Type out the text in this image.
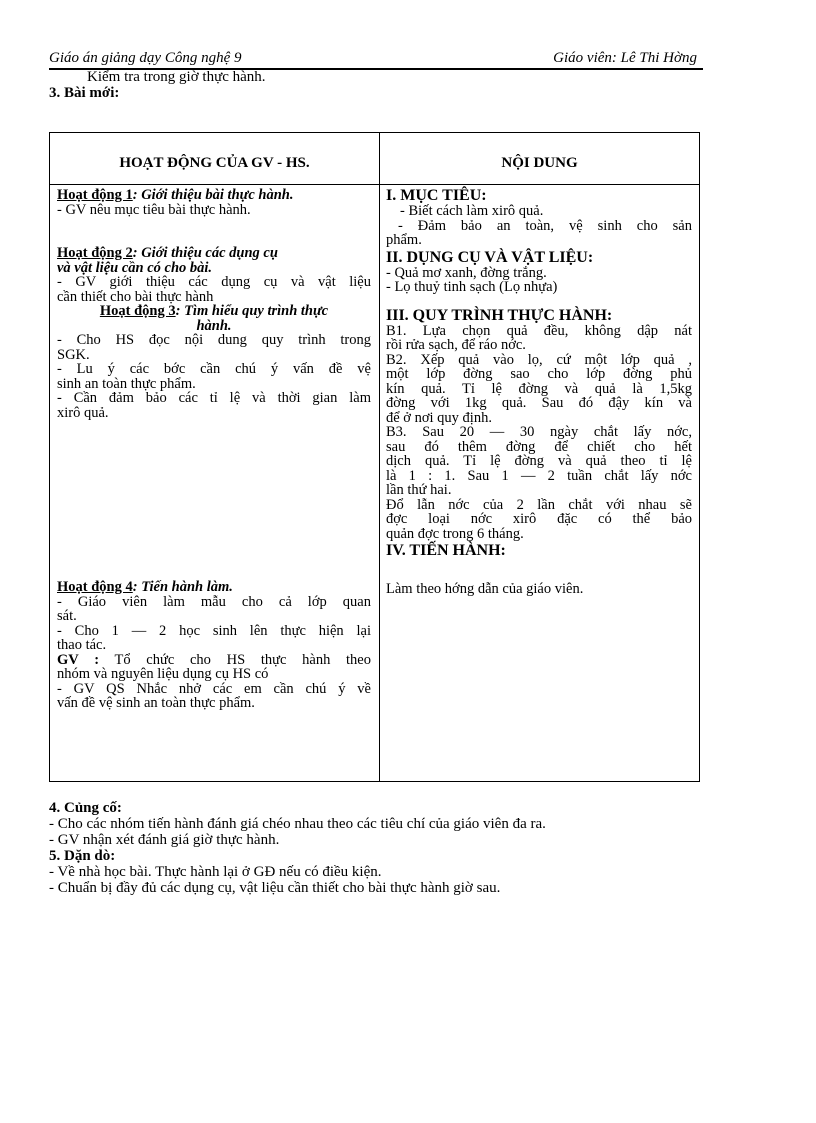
Giáo án giảng dạy Công nghệ 9	Giáo viên: Lê Thi Hờng
Kiểm tra trong giờ thực hành.
3. Bài mới:
HOẠT ĐỘNG CỦA GV - HS.	NỘI DUNG

Hoạt động 1: Giới thiệu bài thực hành.

- GV nêu mục tiêu bài thực hành.

Hoạt động 2: Giới thiệu các dụng cụ

và vật liệu cần có cho bài.

- GV giới thiệu các dụng cụ và vật liệu

cần thiết cho bài thực hành

Hoạt động 3: Tìm hiểu quy trình thực

hành.

- Cho HS đọc nội dung quy trình trong

SGK.

- Lu ý các bớc cần chú ý vấn đề vệ

sinh an toàn thực phẩm.

- Cần đảm bảo các tỉ lệ và thời gian làm

xirô quả.

Hoạt động 4: Tiến hành làm.

- Giáo viên làm mẫu cho cả lớp quan

sát.

- Cho 1 — 2 học sinh lên thực hiện lại

thao tác.

GV : Tổ chức cho HS thực hành theo

nhóm và nguyên liệu dụng cụ HS có

- GV QS Nhắc nhở các em cần chú ý về

vấn đề vệ sinh an toàn thực phẩm.

I. MỤC TIÊU:

- Biết cách làm xirô quả.

- Đảm bảo an toàn, vệ sinh cho sản

phẩm.

II. DỤNG CỤ VÀ VẬT LIỆU:

- Quả mơ xanh, đờng trắng.

- Lọ thuỷ tinh sạch (Lọ nhựa)

III. QUY TRÌNH THỰC HÀNH:

B1. Lựa chọn quả đều, không dập nát

rồi rửa sạch, để ráo nớc.

B2. Xếp quả vào lọ, cứ một lớp quả ,

một lớp đờng sao cho lớp đờng phủ

kín quả. Tỉ lệ đờng và quả là 1,5kg

đờng với 1kg quả. Sau đó đậy kín và

để ở nơi quy định.

B3. Sau 20 — 30 ngày chắt lấy nớc,

sau đó thêm đờng để chiết cho hết

dịch quả. Tỉ lệ đờng và quả theo tỉ lệ

là 1 : 1. Sau 1 — 2 tuần chắt lấy nớc

lần thứ hai.

Đổ lẫn nớc của 2 lần chắt với nhau sẽ

đợc loại nớc xirô đặc có thể bảo

quản đợc trong 6 tháng.

IV. TIẾN HÀNH:

Làm theo hớng dẫn của giáo viên.

4. Củng cố:

- Cho các nhóm tiến hành đánh giá chéo nhau theo các tiêu chí của giáo viên đa ra.

- GV nhận xét đánh giá giờ thực hành.

5. Dặn dò:

- Về nhà học bài. Thực hành lại ở GĐ nếu có điều kiện.

- Chuẩn bị đầy đủ các dụng cụ, vật liệu cần thiết cho bài thực hành giờ sau.
